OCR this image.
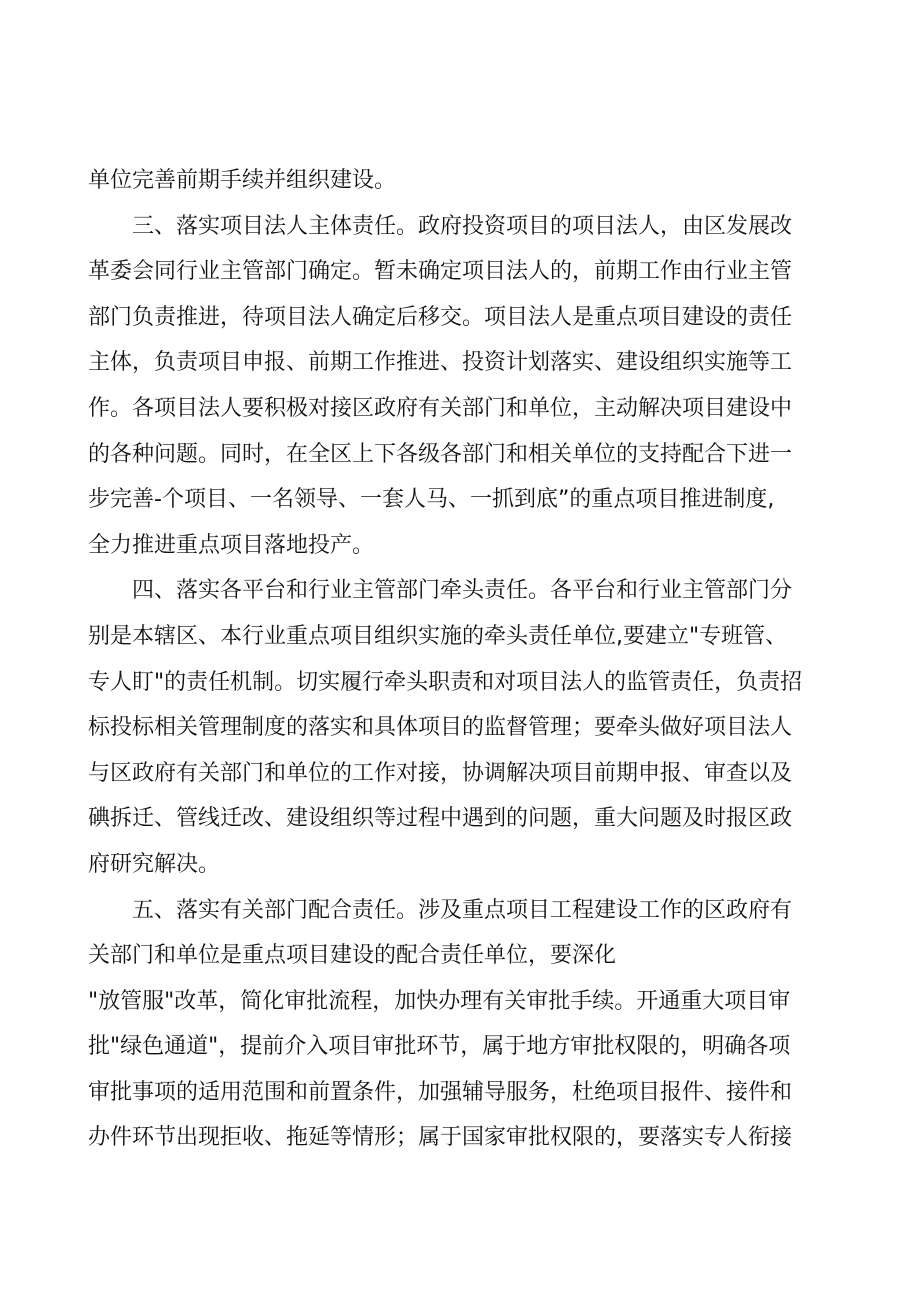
单位完善前期手续并组织建设。
三、落实项目法人主体责任。政府投资项目的项目法人，由区发展改
革委会同行业主管部门确定。暂未确定项目法人的，前期工作由行业主管
部门负责推进，待项目法人确定后移交。项目法人是重点项目建设的责任
主体，负责项目申报、前期工作推进、投资计划落实、建设组织实施等工
作。各项目法人要积极对接区政府有关部门和单位，主动解决项目建设中
的各种问题。同时，在全区上下各级各部门和相关单位的支持配合下进一
步完善-个项目、一名领导、一套人马、一抓到底”的重点项目推进制度,
全力推进重点项目落地投产。
四、落实各平台和行业主管部门牵头责任。各平台和行业主管部门分
别是本辖区、本行业重点项目组织实施的牵头责任单位,要建立"专班管、
专人盯"的责任机制。切实履行牵头职责和对项目法人的监管责任，负责招
标投标相关管理制度的落实和具体项目的监督管理；要牵头做好项目法人
与区政府有关部门和单位的工作对接，协调解决项目前期申报、审查以及
碘拆迁、管线迁改、建设组织等过程中遇到的问题，重大问题及时报区政
府研究解决。
五、落实有关部门配合责任。涉及重点项目工程建设工作的区政府有
关部门和单位是重点项目建设的配合责任单位，要深化
"放管服"改革，简化审批流程，加快办理有关审批手续。开通重大项目审
批"绿色通道"，提前介入项目审批环节，属于地方审批权限的，明确各项
审批事项的适用范围和前置条件，加强辅导服务，杜绝项目报件、接件和
办件环节出现拒收、拖延等情形；属于国家审批权限的，要落实专人衔接
